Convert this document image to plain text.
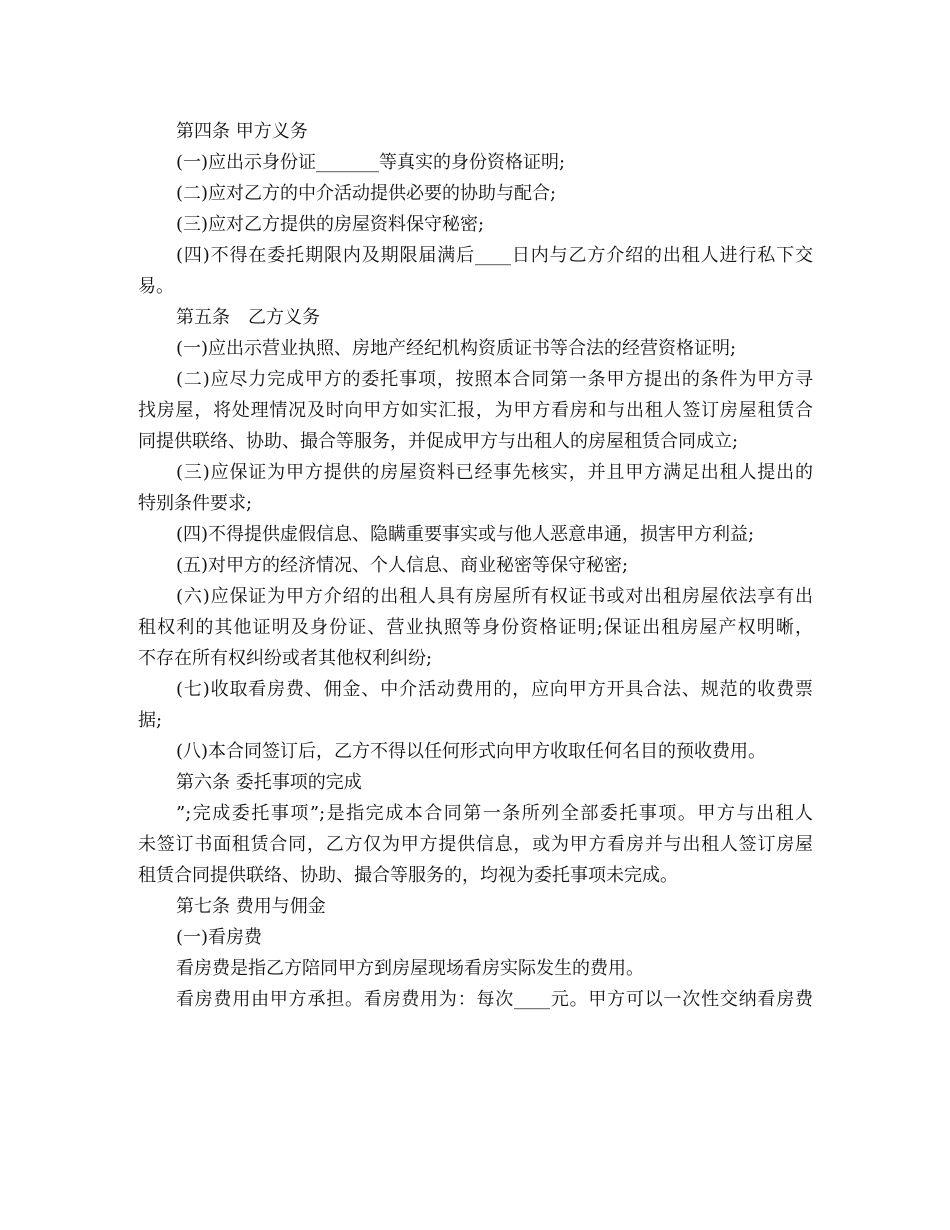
第四条 甲方义务

(一)应出示身份证_______等真实的身份资格证明;

(二)应对乙方的中介活动提供必要的协助与配合;

(三)应对乙方提供的房屋资料保守秘密;

(四)不得在委托期限内及期限届满后____日内与乙方介绍的出租人进行私下交

易。

第五条　乙方义务

(一)应出示营业执照、房地产经纪机构资质证书等合法的经营资格证明;

(二)应尽力完成甲方的委托事项，按照本合同第一条甲方提出的条件为甲方寻

找房屋，将处理情况及时向甲方如实汇报，为甲方看房和与出租人签订房屋租赁合

同提供联络、协助、撮合等服务，并促成甲方与出租人的房屋租赁合同成立;

(三)应保证为甲方提供的房屋资料已经事先核实，并且甲方满足出租人提出的

特别条件要求;

(四)不得提供虚假信息、隐瞒重要事实或与他人恶意串通，损害甲方利益;

(五)对甲方的经济情况、个人信息、商业秘密等保守秘密;

(六)应保证为甲方介绍的出租人具有房屋所有权证书或对出租房屋依法享有出

租权利的其他证明及身份证、营业执照等身份资格证明;保证出租房屋产权明晰，

不存在所有权纠纷或者其他权利纠纷;

(七)收取看房费、佣金、中介活动费用的，应向甲方开具合法、规范的收费票

据;

(八)本合同签订后，乙方不得以任何形式向甲方收取任何名目的预收费用。

第六条 委托事项的完成

”;完成委托事项”;是指完成本合同第一条所列全部委托事项。甲方与出租人

未签订书面租赁合同，乙方仅为甲方提供信息，或为甲方看房并与出租人签订房屋

租赁合同提供联络、协助、撮合等服务的，均视为委托事项未完成。

第七条 费用与佣金

(一)看房费

看房费是指乙方陪同甲方到房屋现场看房实际发生的费用。

看房费用由甲方承担。看房费用为：每次____元。甲方可以一次性交纳看房费
